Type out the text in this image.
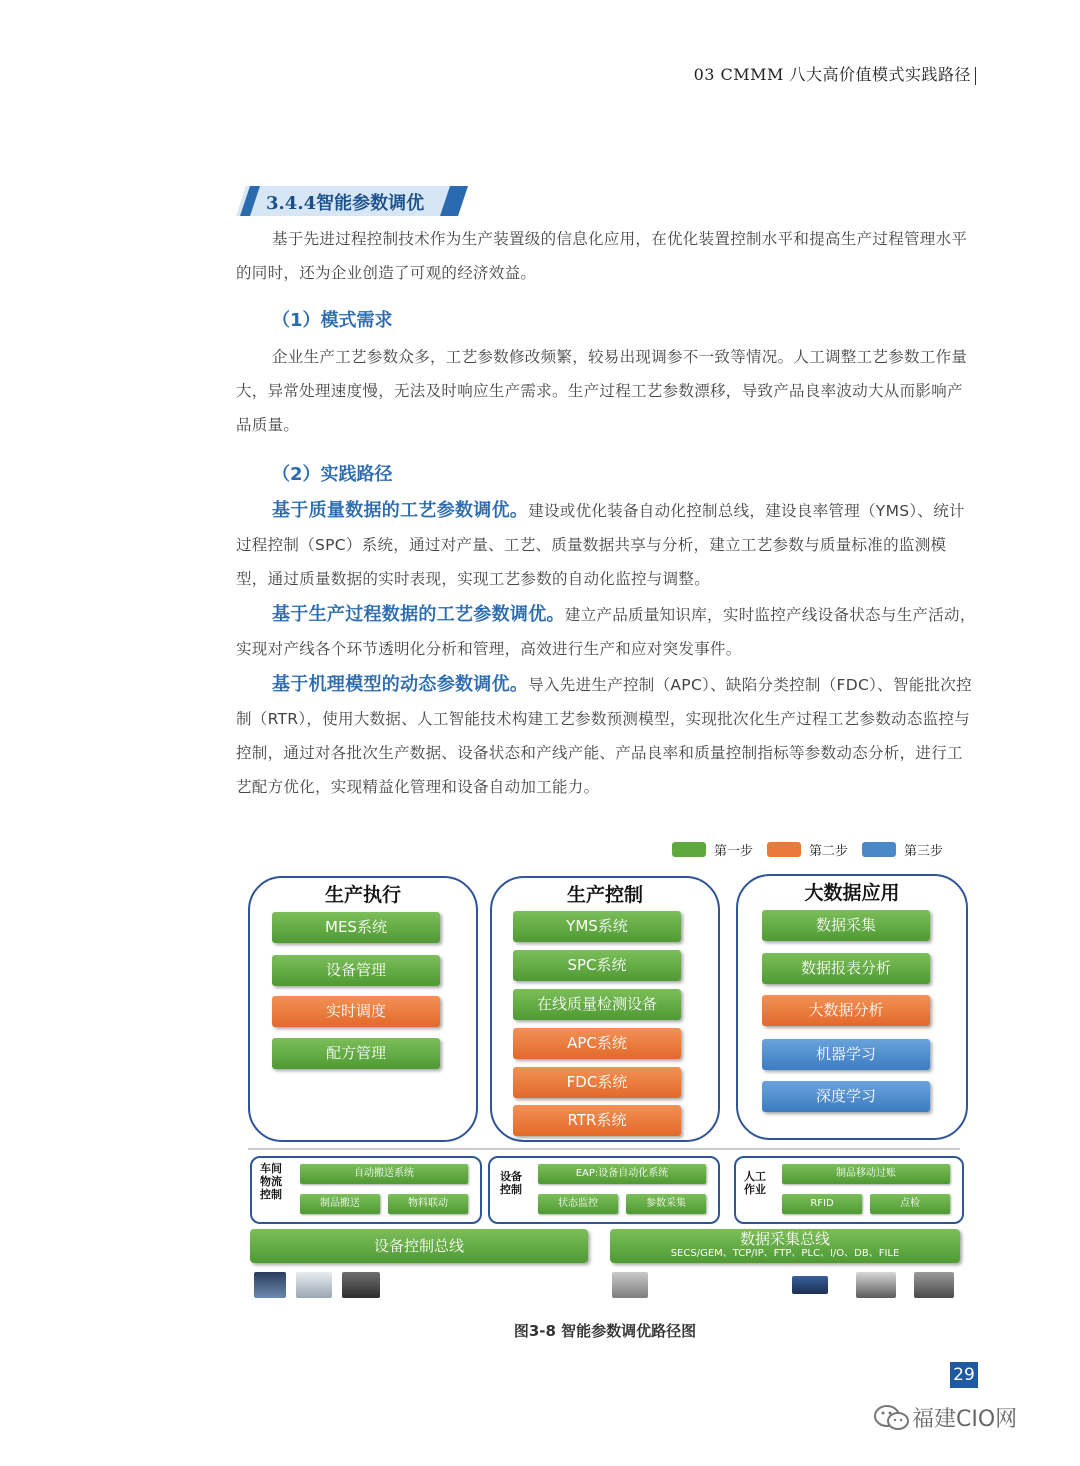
03 CMMM 八大高价值模式实践路径
3.4.4智能参数调优

基于先进过程控制技术作为生产装置级的信息化应用，在优化装置控制水平和提高生产过程管理水平的同时，还为企业创造了可观的经济效益。

（1）模式需求

企业生产工艺参数众多，工艺参数修改频繁，较易出现调参不一致等情况。人工调整工艺参数工作量大，异常处理速度慢，无法及时响应生产需求。生产过程工艺参数漂移，导致产品良率波动大从而影响产品质量。

（2）实践路径

基于质量数据的工艺参数调优。建设或优化装备自动化控制总线，建设良率管理（YMS）、统计过程控制（SPC）系统，通过对产量、工艺、质量数据共享与分析，建立工艺参数与质量标准的监测模型，通过质量数据的实时表现，实现工艺参数的自动化监控与调整。

基于生产过程数据的工艺参数调优。建立产品质量知识库，实时监控产线设备状态与生产活动，实现对产线各个环节透明化分析和管理，高效进行生产和应对突发事件。

基于机理模型的动态参数调优。导入先进生产控制（APC）、缺陷分类控制（FDC）、智能批次控制（RTR），使用大数据、人工智能技术构建工艺参数预测模型，实现批次化生产过程工艺参数动态监控与控制，通过对各批次生产数据、设备状态和产线产能、产品良率和质量控制指标等参数动态分析，进行工艺配方优化，实现精益化管理和设备自动加工能力。

第一步	第二步	第三步
生产执行
MES系统
设备管理
实时调度
配方管理
生产控制
YMS系统
SPC系统
在线质量检测设备
APC系统
FDC系统
RTR系统
大数据应用
数据采集
数据报表分析
大数据分析
机器学习
深度学习
车间物流控制
自动搬送系统
制品搬送	物料联动
设备控制
EAP:设备自动化系统
状态监控	参数采集
人工作业
制品移动过账
RFID	点检
设备控制总线	数据采集总线
SECS/GEM、TCP/IP、FTP、PLC、I/O、DB、FILE
图3-8 智能参数调优路径图
29
福建CIO网
